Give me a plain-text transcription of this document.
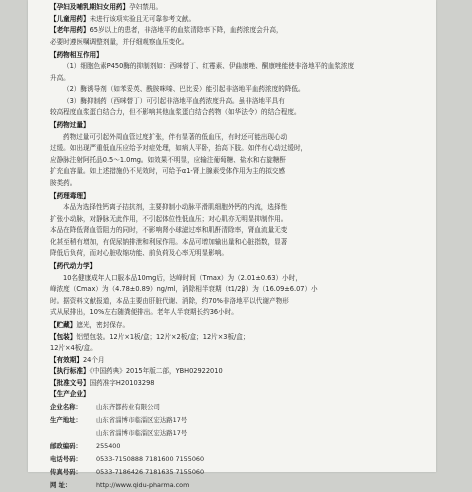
【孕妇及哺乳期妇女用药】孕妇禁用。

【儿童用药】未进行该项实验且无可靠参考文献。

【老年用药】65岁以上的患者，非洛地平的血浆清除率下降，血药浓度会升高，

必要时遵医嘱调整剂量，并仔细观察血压变化。

【药物相互作用】

（1）细胞色素P450酶的抑制剂如：西咪替丁、红霉素、伊曲康唑、酮康唑能使非洛地平的血浆浓度

升高。

（2）酶诱导剂（如苯妥英、酰胺咪嗪、巴比妥）能引起非洛地平血药浓度的降低。

（3）酶抑制药（西咪替丁）可引起非洛地平血药浓度升高。虽非洛地平具有

较高程度血浆蛋白结合力，但不影响其他血浆蛋白结合药物（如华法令）的结合程度。

【药物过量】

药物过量可引起外周血管过度扩张，伴有显著的低血压，有时还可能出现心动

过缓。如出现严重低血压应给予对症处理，如病人平卧，抬高下肢。如伴有心动过缓时，

应静脉注射阿托品0.5～1.0mg。如效果不明显，应输注葡萄糖、盐水和右旋糖酐

扩充血容量。如上述措施仍不见效时，可给予α1-肾上腺素受体作用为主的拟交感

胺类药。

【药理毒理】

本品为选择性钙离子拮抗剂，主要抑制小动脉平滑肌细胞外钙的内流，选择性

扩张小动脉，对静脉无此作用，不引起体位性低血压；对心肌亦无明显抑制作用。

本品在降低肾血管阻力的同时，不影响肾小球滤过率和肌酐清除率，肾血流量无变

化甚至稍有增加，有促尿钠排泄和利尿作用。本品可增加输出量和心脏指数，显著

降低后负荷，而对心脏收缩功能、前负荷及心率无明显影响。

【药代动力学】

10名健康成年人口服本品10mg后，达峰时间（Tmax）为（2.01±0.63）小时，

峰浓度（Cmax）为（4.78±0.89）ng/ml，消除相半衰期（t1/2β）为（16.09±6.07）小

时。据资料文献报道，本品主要由肝脏代谢、消除，约70%非洛地平以代谢产物形

式从尿排出，10%左右随粪便排出。老年人半衰期长约36小时。

【贮藏】遮光，密封保存。

【包装】铝塑包装。12片×1板/盒；12片×2板/盒；12片×3板/盒；

12片×4板/盒。

【有效期】24个月

【执行标准】《中国药典》2015年版二部，YBH02922010

【批准文号】国药准字H20103298

【生产企业】

企业名称： 山东齐都药业有限公司

生产地址： 山东省淄博市临淄区宏达路17号

山东省淄博市临淄区宏达路17号

邮政编码： 255400

电话号码： 0533-7150888 7181600 7155060

传真号码： 0533-7186426 7181635 7155060

网 址：	http://www.qidu-pharma.com
